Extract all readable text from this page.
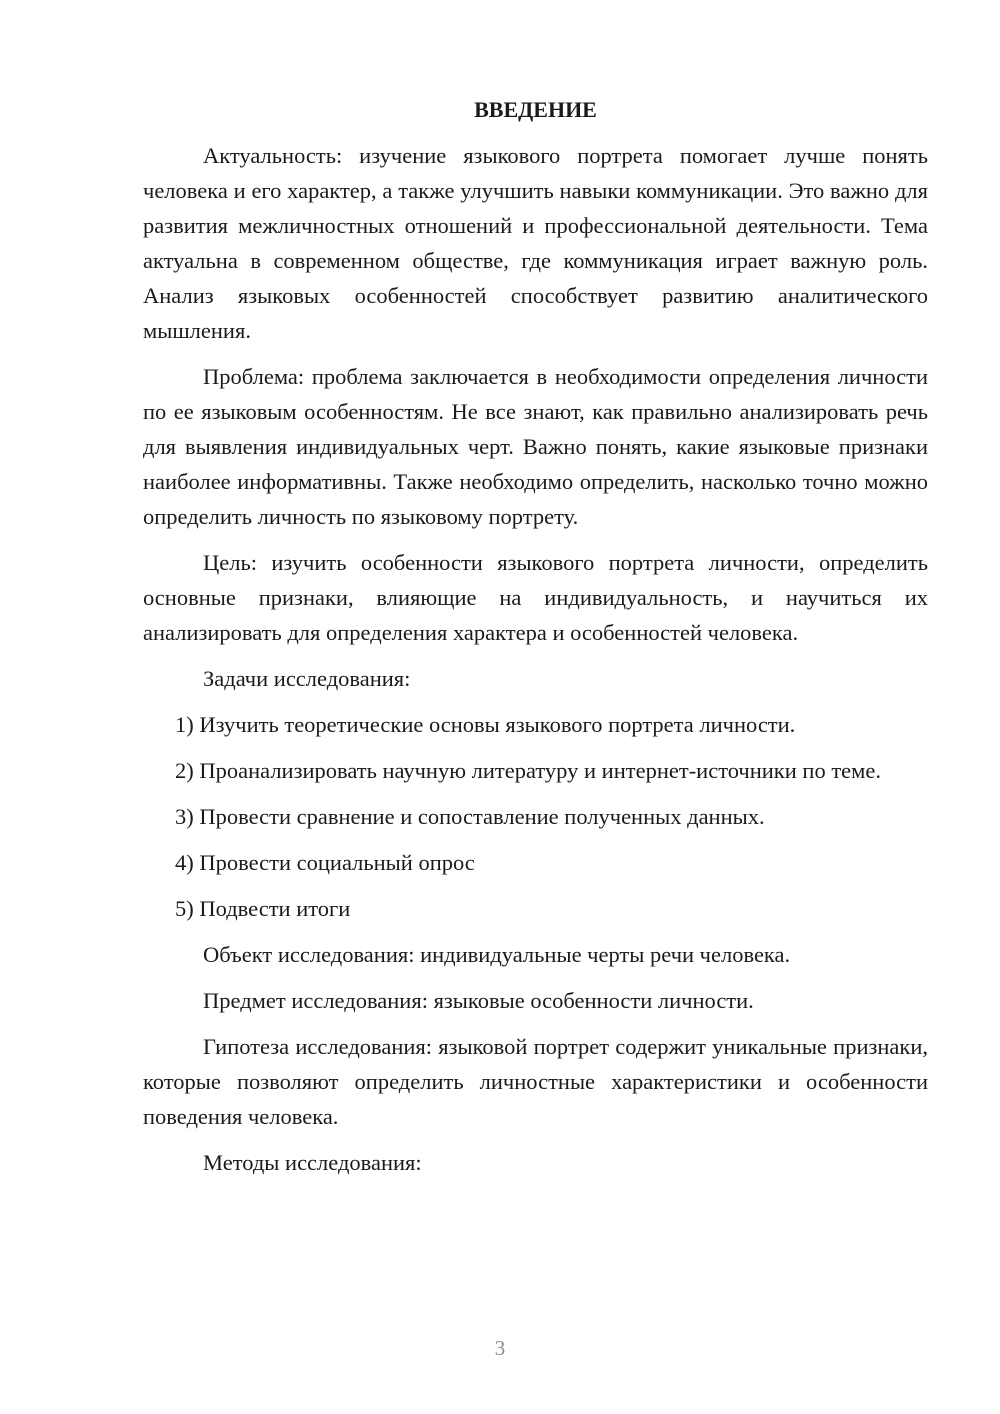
ВВЕДЕНИЕ

Актуальность: изучение языкового портрета помогает лучше понять человека и его характер, а также улучшить навыки коммуникации. Это важно для развития межличностных отношений и профессиональной деятельности. Тема актуальна в современном обществе, где коммуникация играет важную роль. Анализ языковых особенностей способствует развитию аналитического мышления.

Проблема: проблема заключается в необходимости определения личности по ее языковым особенностям. Не все знают, как правильно анализировать речь для выявления индивидуальных черт. Важно понять, какие языковые признаки наиболее информативны. Также необходимо определить, насколько точно можно определить личность по языковому портрету.

Цель: изучить особенности языкового портрета личности, определить основные признаки, влияющие на индивидуальность, и научиться их анализировать для определения характера и особенностей человека.

Задачи исследования:

1) Изучить теоретические основы языкового портрета личности.

2) Проанализировать научную литературу и интернет-источники по теме.

3) Провести сравнение и сопоставление полученных данных.

4) Провести социальный опрос

5) Подвести итоги

Объект исследования: индивидуальные черты речи человека.

Предмет исследования: языковые особенности личности.

Гипотеза исследования: языковой портрет содержит уникальные признаки, которые позволяют определить личностные характеристики и особенности поведения человека.

Методы исследования:

3
